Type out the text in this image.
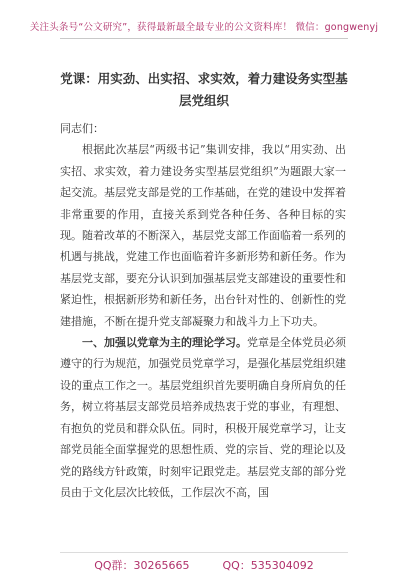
关注头条号“公文研究”，获得最新最全最专业的公文资料库！ 微信：gongwenyj
党课：用实劲、出实招、求实效，着力建设务实型基层党组织

同志们：

根据此次基层“两级书记”集训安排，我以“用实劲、出实招、求实效，着力建设务实型基层党组织”为题跟大家一起交流。基层党支部是党的工作基础，在党的建设中发挥着非常重要的作用，直接关系到党各种任务、各种目标的实现。随着改革的不断深入，基层党支部工作面临着一系列的机遇与挑战，党建工作也面临着许多新形势和新任务。作为基层党支部，要充分认识到加强基层党支部建设的重要性和紧迫性，根据新形势和新任务，出台针对性的、创新性的党建措施，不断在提升党支部凝聚力和战斗力上下功夫。

一、加强以党章为主的理论学习。党章是全体党员必须遵守的行为规范，加强党员党章学习，是强化基层党组织建设的重点工作之一。基层党组织首先要明确自身所肩负的任务，树立将基层支部党员培养成热衷于党的事业，有理想、有抱负的党员和群众队伍。同时，积极开展党章学习，让支部党员能全面掌握党的思想性质、党的宗旨、党的理论以及党的路线方针政策，时刻牢记跟党走。基层党支部的部分党员由于文化层次比较低，工作层次不高，国

QQ群：30265665　　　QQ：535304092
